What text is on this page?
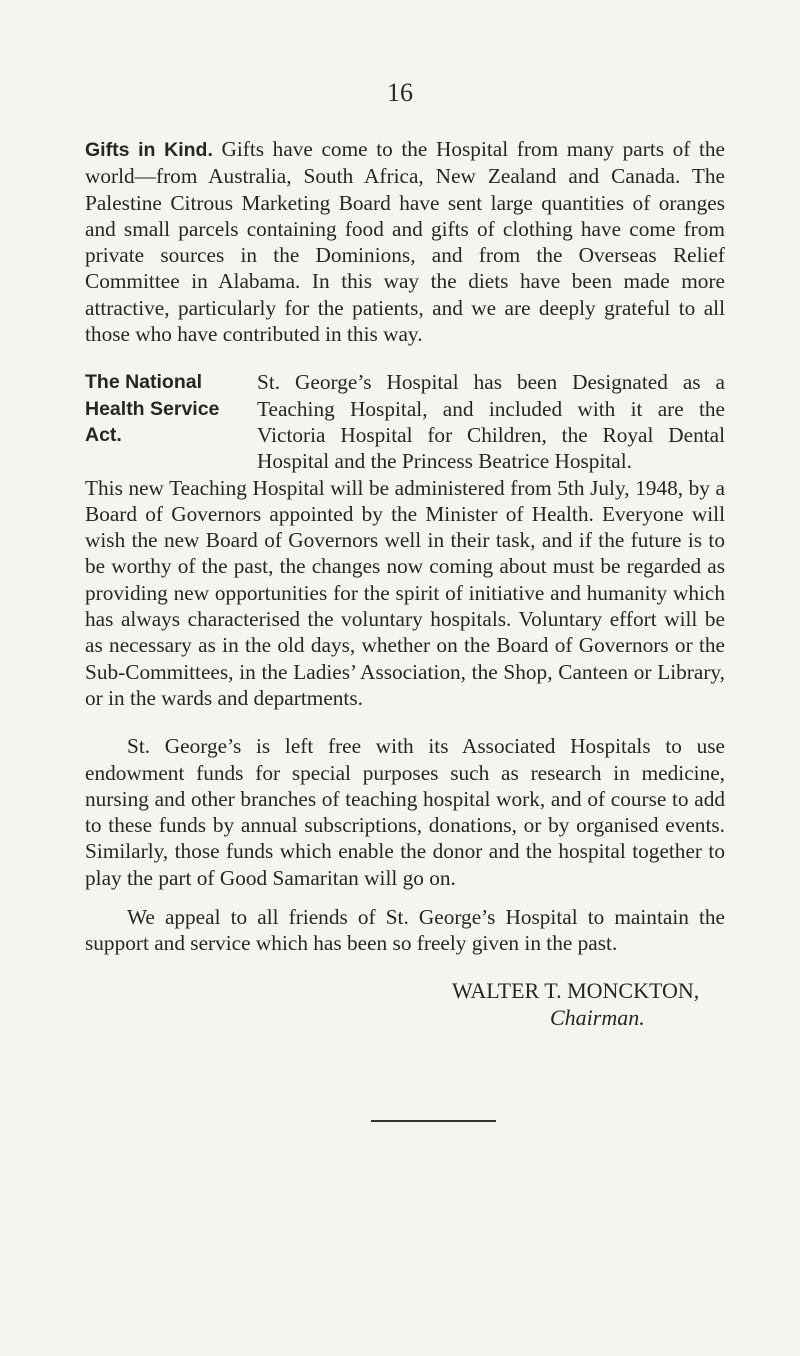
16

Gifts in Kind. Gifts have come to the Hospital from many parts of the world—from Australia, South Africa, New Zealand and Canada. The Palestine Citrous Marketing Board have sent large quantities of oranges and small parcels containing food and gifts of clothing have come from private sources in the Dominions, and from the Overseas Relief Committee in Alabama. In this way the diets have been made more attractive, particularly for the patients, and we are deeply grateful to all those who have contributed in this way.

The National
Health Service
Act.
St. George’s Hospital has been Designated as a Teaching Hospital, and included with it are the Victoria Hospital for Children, the Royal Dental Hospital and the Princess Beatrice Hospital.

This new Teaching Hospital will be administered from 5th July, 1948, by a Board of Governors appointed by the Minister of Health. Everyone will wish the new Board of Governors well in their task, and if the future is to be worthy of the past, the changes now coming about must be regarded as providing new opportunities for the spirit of initiative and humanity which has always characterised the voluntary hospitals. Voluntary effort will be as necessary as in the old days, whether on the Board of Governors or the Sub-Committees, in the Ladies’ Association, the Shop, Canteen or Library, or in the wards and departments.

St. George’s is left free with its Associated Hospitals to use endowment funds for special purposes such as research in medicine, nursing and other branches of teaching hospital work, and of course to add to these funds by annual subscriptions, donations, or by organised events. Similarly, those funds which enable the donor and the hospital together to play the part of Good Samaritan will go on.

We appeal to all friends of St. George’s Hospital to maintain the support and service which has been so freely given in the past.

WALTER T. MONCKTON,
Chairman.
